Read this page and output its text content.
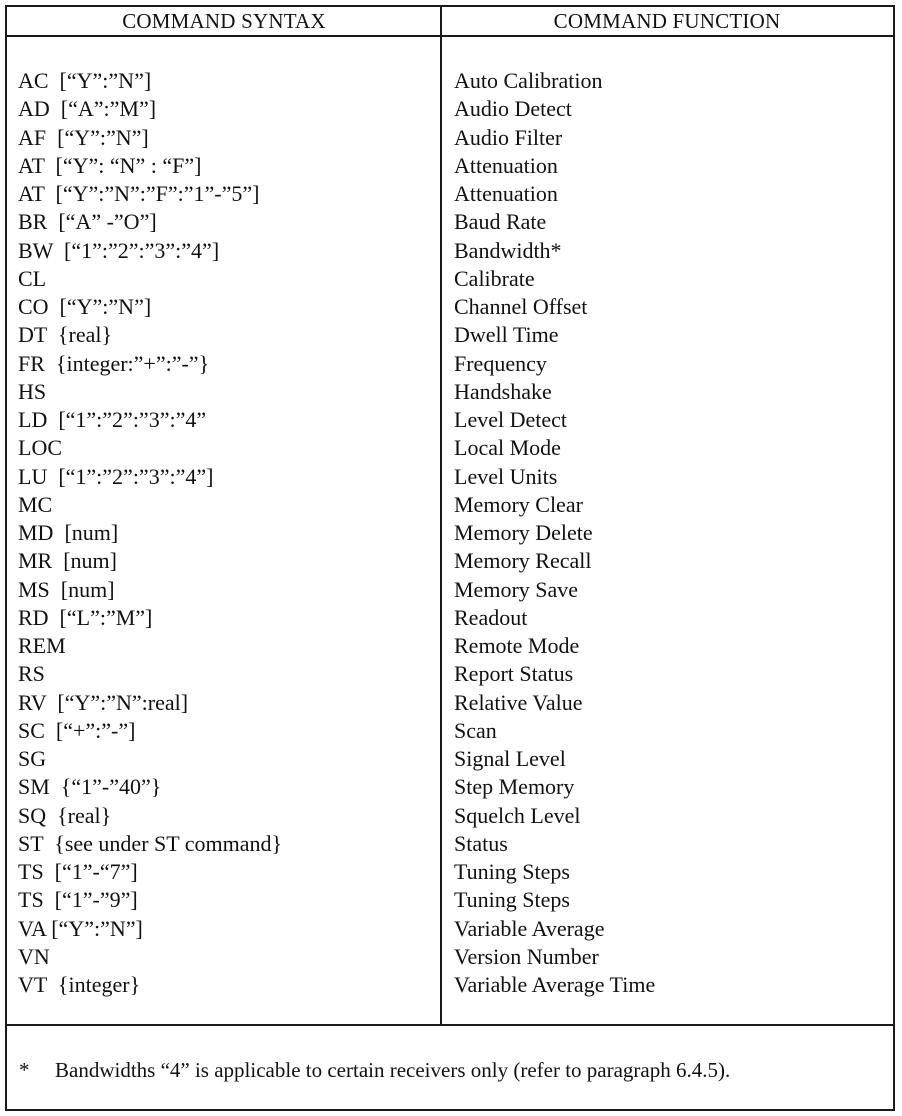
COMMAND SYNTAX	COMMAND FUNCTION
AC  [“Y”:”N”]
AD  [“A”:”M”]
AF  [“Y”:”N”]
AT  [“Y”: “N” : “F”]
AT  [“Y”:”N”:”F”:”1”-”5”]
BR  [“A” -”O”]
BW  [“1”:”2”:”3”:”4”]
CL
CO  [“Y”:”N”]
DT  {real}
FR  {integer:”+”:”-”}
HS
LD  [“1”:”2”:”3”:”4”
LOC
LU  [“1”:”2”:”3”:”4”]
MC
MD  [num]
MR  [num]
MS  [num]
RD  [“L”:”M”]
REM
RS
RV  [“Y”:”N”:real]
SC  [“+”:”-”]
SG
SM  {“1”-”40”}
SQ  {real}
ST  {see under ST command}
TS  [“1”-“7”]
TS  [“1”-”9”]
VA [“Y”:”N”]
VN
VT  {integer}
Auto Calibration
Audio Detect
Audio Filter
Attenuation
Attenuation
Baud Rate
Bandwidth*
Calibrate
Channel Offset
Dwell Time
Frequency
Handshake
Level Detect
Local Mode
Level Units
Memory Clear
Memory Delete
Memory Recall
Memory Save
Readout
Remote Mode
Report Status
Relative Value
Scan
Signal Level
Step Memory
Squelch Level
Status
Tuning Steps
Tuning Steps
Variable Average
Version Number
Variable Average Time
* Bandwidths “4” is applicable to certain receivers only (refer to paragraph 6.4.5).
